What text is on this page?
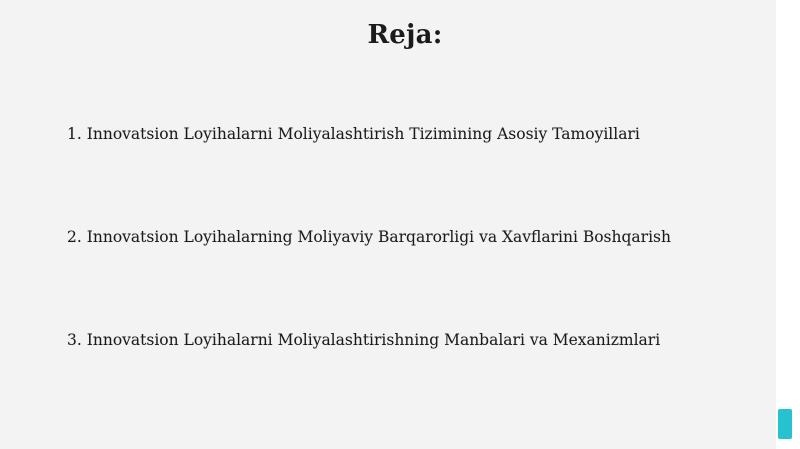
Reja:
1. Innovatsion Loyihalarni Moliyalashtirish Tizimining Asosiy Tamoyillari
2. Innovatsion Loyihalarning Moliyaviy Barqarorligi va Xavflarini Boshqarish
3. Innovatsion Loyihalarni Moliyalashtirishning Manbalari va Mexanizmlari
